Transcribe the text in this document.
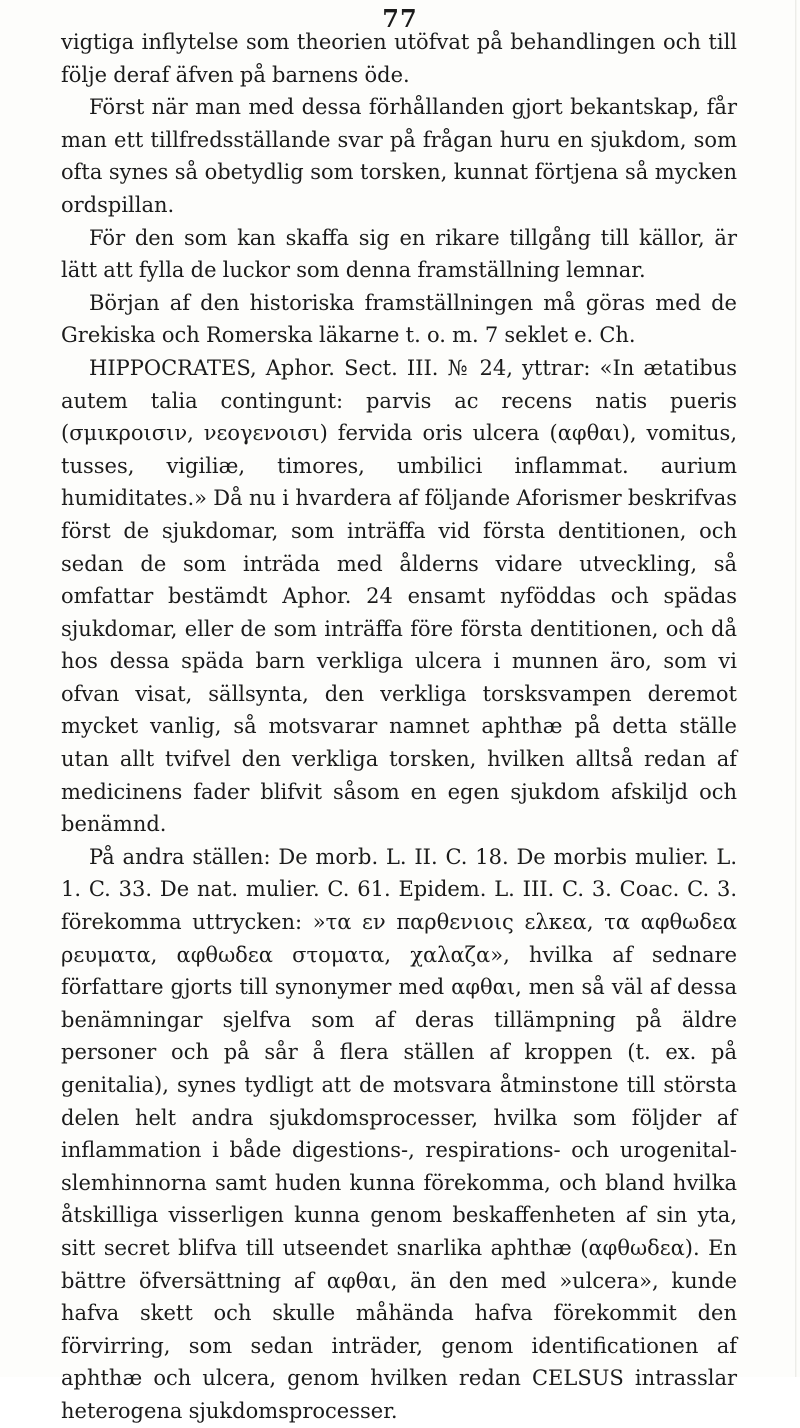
77

vigtiga inflytelse som theorien utöfvat på behandlingen och till följe deraf äfven på barnens öde.

Först när man med dessa förhållanden gjort bekantskap, får man ett tillfredsställande svar på frågan huru en sjukdom, som ofta synes så obetydlig som torsken, kunnat förtjena så mycken ordspillan.

För den som kan skaffa sig en rikare tillgång till källor, är lätt att fylla de luckor som denna framställning lemnar.

Början af den historiska framställningen må göras med de Grekiska och Romerska läkarne t. o. m. 7 seklet e. Ch.

HIPPOCRATES, Aphor. Sect. III. № 24, yttrar: «In ætatibus autem talia contingunt: parvis ac recens natis pueris (σμικροισιν, νεογενοισι) fervida oris ulcera (αφθαι), vomitus, tusses, vigiliæ, timores, umbilici inflammat. aurium humiditates.» Då nu i hvardera af följande Aforismer beskrifvas först de sjukdomar, som inträffa vid första dentitionen, och sedan de som inträda med ålderns vidare utveckling, så omfattar bestämdt Aphor. 24 ensamt nyföddas och spädas sjukdomar, eller de som inträffa före första dentitionen, och då hos dessa späda barn verkliga ulcera i munnen äro, som vi ofvan visat, sällsynta, den verkliga torsksvampen deremot mycket vanlig, så motsvarar namnet aphthæ på detta ställe utan allt tvifvel den verkliga torsken, hvilken alltså redan af medicinens fader blifvit såsom en egen sjukdom afskiljd och benämnd.

På andra ställen: De morb. L. II. C. 18. De morbis mulier. L. 1. C. 33. De nat. mulier. C. 61. Epidem. L. III. C. 3. Coac. C. 3. förekomma uttrycken: »τα εν παρθενιοις ελκεα, τα αφθωδεα ρευματα, αφθωδεα στοματα, χαλαζα», hvilka af sednare författare gjorts till synonymer med αφθαι, men så väl af dessa benämningar sjelfva som af deras tillämpning på äldre personer och på sår å flera ställen af kroppen (t. ex. på genitalia), synes tydligt att de motsvara åtminstone till största delen helt andra sjukdomsprocesser, hvilka som följder af inflammation i både digestions-, respirations- och urogenital-slemhinnorna samt huden kunna förekomma, och bland hvilka åtskilliga visserligen kunna genom beskaffenheten af sin yta, sitt secret blifva till utseendet snarlika aphthæ (αφθωδεα). En bättre öfversättning af αφθαι, än den med »ulcera», kunde hafva skett och skulle måhända hafva förekommit den förvirring, som sedan inträder, genom identificationen af aphthæ och ulcera, genom hvilken redan CELSUS intrasslar heterogena sjukdomsprocesser.
